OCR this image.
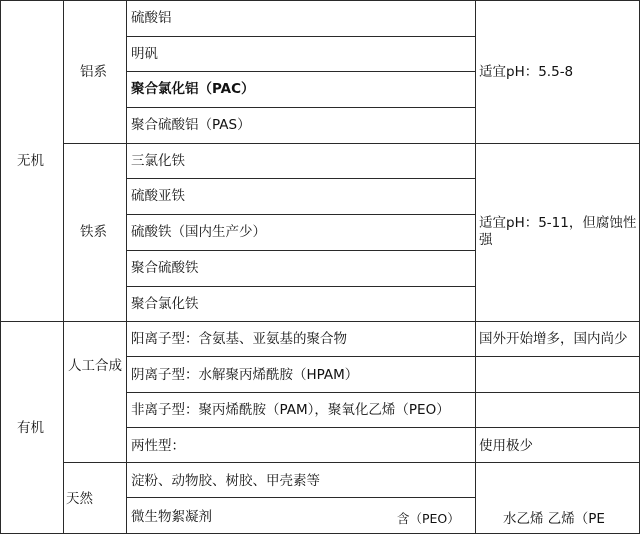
无机
有机
铝系
铁系
人工合成
天然
硫酸铝
明矾
聚合氯化铝（PAC）
聚合硫酸铝（PAS）
三氯化铁
硫酸亚铁
硫酸铁（国内生产少）
聚合硫酸铁
聚合氯化铁
阳离子型：含氨基、亚氨基的聚合物
阴离子型：水解聚丙烯酰胺（HPAM）
非离子型：聚丙烯酰胺（PAM），聚氧化乙烯（PEO）
两性型：
淀粉、动物胶、树胶、甲壳素等
微生物絮凝剂	含（PEO）
适宜pH：5.5-8
适宜pH：5-11，但腐蚀性强
国外开始增多，国内尚少
使用极少
水乙烯 乙烯（PE
